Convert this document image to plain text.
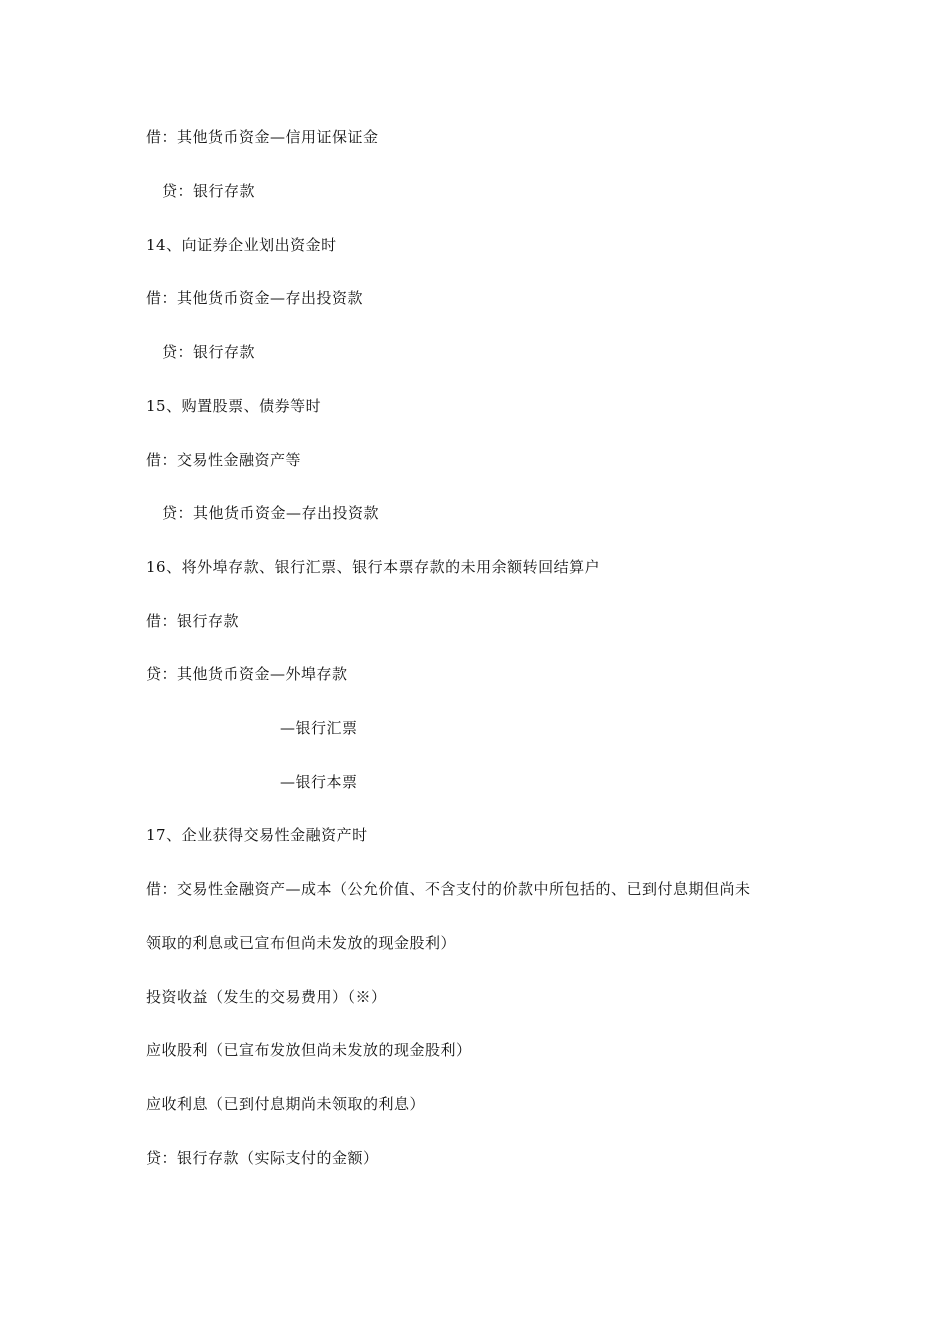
借：其他货币资金—信用证保证金
贷：银行存款
14、向证券企业划出资金时
借：其他货币资金—存出投资款
贷：银行存款
15、购置股票、债券等时
借：交易性金融资产等
贷：其他货币资金—存出投资款
16、将外埠存款、银行汇票、银行本票存款的未用余额转回结算户
借：银行存款
贷：其他货币资金—外埠存款
—银行汇票
—银行本票
17、企业获得交易性金融资产时
借：交易性金融资产—成本（公允价值、不含支付的价款中所包括的、已到付息期但尚未
领取的利息或已宣布但尚未发放的现金股利）
投资收益（发生的交易费用）（※）
应收股利（已宣布发放但尚未发放的现金股利）
应收利息（已到付息期尚未领取的利息）
贷：银行存款（实际支付的金额）
